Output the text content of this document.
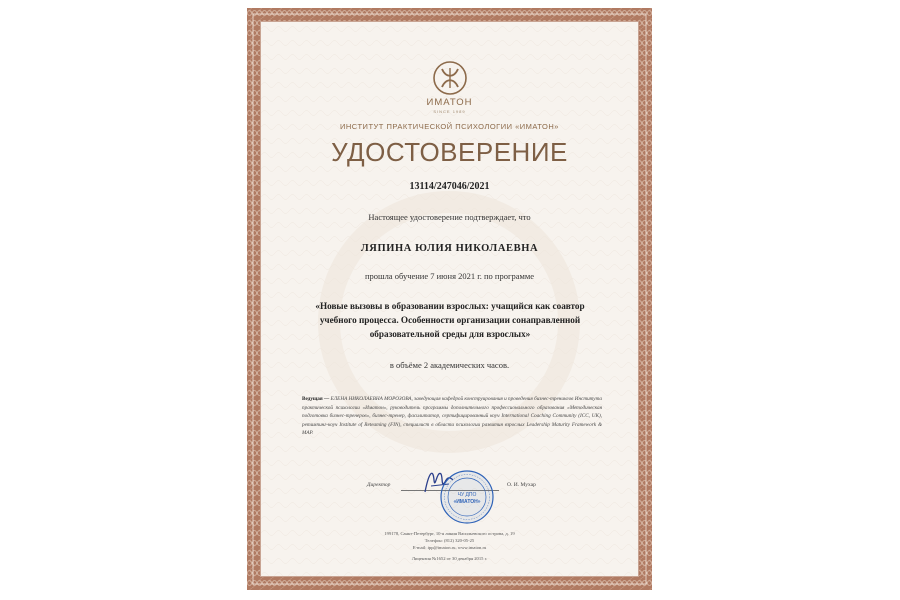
ИМАТОН
SINCE 1989
ИНСТИТУТ ПРАКТИЧЕСКОЙ ПСИХОЛОГИИ «ИМАТОН»
УДОСТОВЕРЕНИЕ
13114/247046/2021
Настоящее удостоверение подтверждает, что
ЛЯПИНА ЮЛИЯ НИКОЛАЕВНА
прошла обучение 7 июня 2021 г. по программе
«Новые вызовы в образовании взрослых: учащийся как соавтор учебного процесса. Особенности организации сонаправленной образовательной среды для взрослых»
в объёме 2 академических часов.
Ведущая — ЕЛЕНА НИКОЛАЕВНА МОРОЗОВА, заведующая кафедрой конструирования и проведения бизнес-тренингов Института практической психологии «Иматон», руководитель программы дополнительного профессионального образования «Методическая подготовка бизнес-тренеров», бизнес-тренер, фасилитатор, сертифицированный коуч International Coaching Community (ICC, UK), ретимпинг-коуч Institute of Reteaming (FIN), специалист в области психологии развития взрослых Leadership Maturity Framework & MAP.
Директор	О. И. Мухар
ЧУ ДПО
«ИМАТОН»
199178, Санкт-Петербург, 10-я линия Васильевского острова, д. 19
Телефон: (812) 320-05-25
E-mail: ipp@imaton.ru, www.imaton.ru
Лицензия №1652 от 30 декабря 2015 г.
